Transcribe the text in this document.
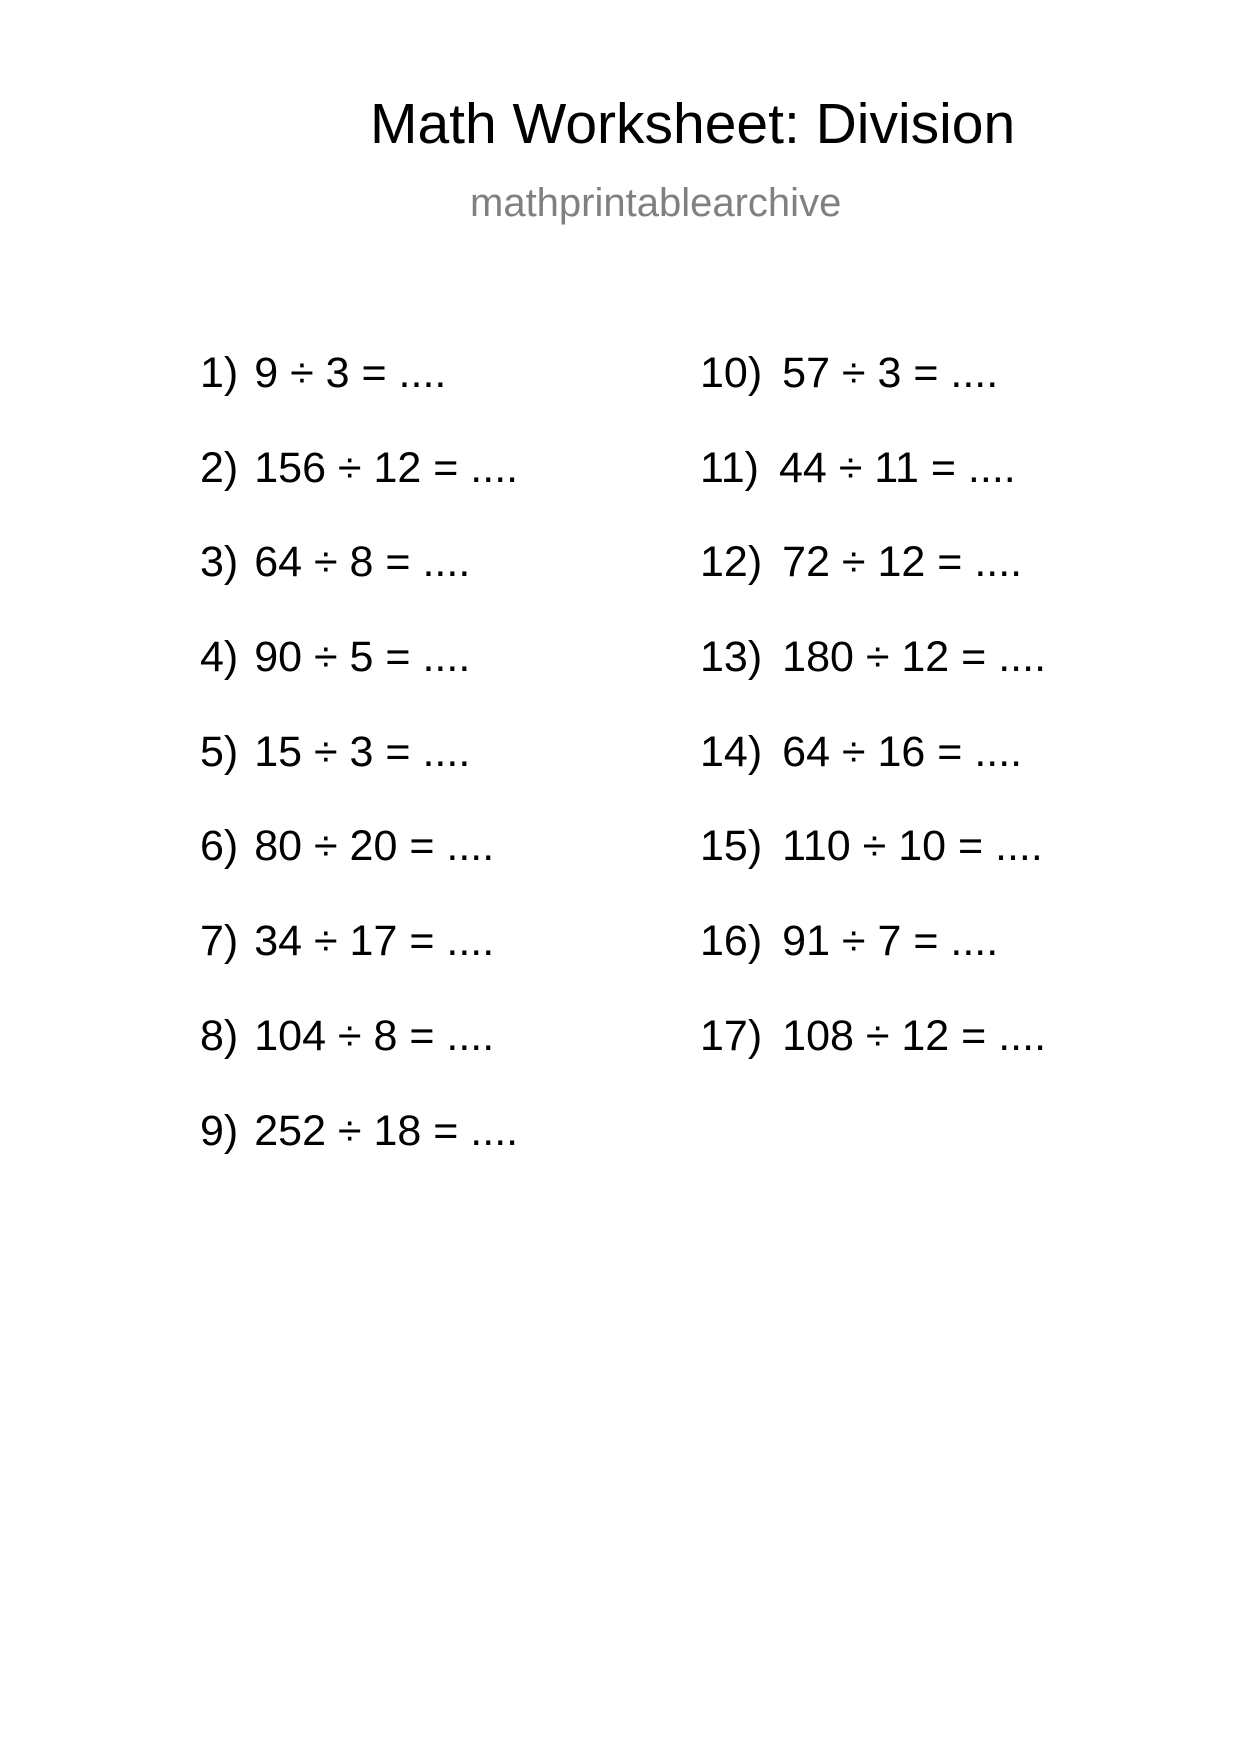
Math Worksheet: Division

mathprintablearchive

1) 9 ÷ 3 = ....
2) 156 ÷ 12 = ....
3) 64 ÷ 8 = ....
4) 90 ÷ 5 = ....
5) 15 ÷ 3 = ....
6) 80 ÷ 20 = ....
7) 34 ÷ 17 = ....
8) 104 ÷ 8 = ....
9) 252 ÷ 18 = ....
10) 57 ÷ 3 = ....
11) 44 ÷ 11 = ....
12) 72 ÷ 12 = ....
13) 180 ÷ 12 = ....
14) 64 ÷ 16 = ....
15) 110 ÷ 10 = ....
16) 91 ÷ 7 = ....
17) 108 ÷ 12 = ....
